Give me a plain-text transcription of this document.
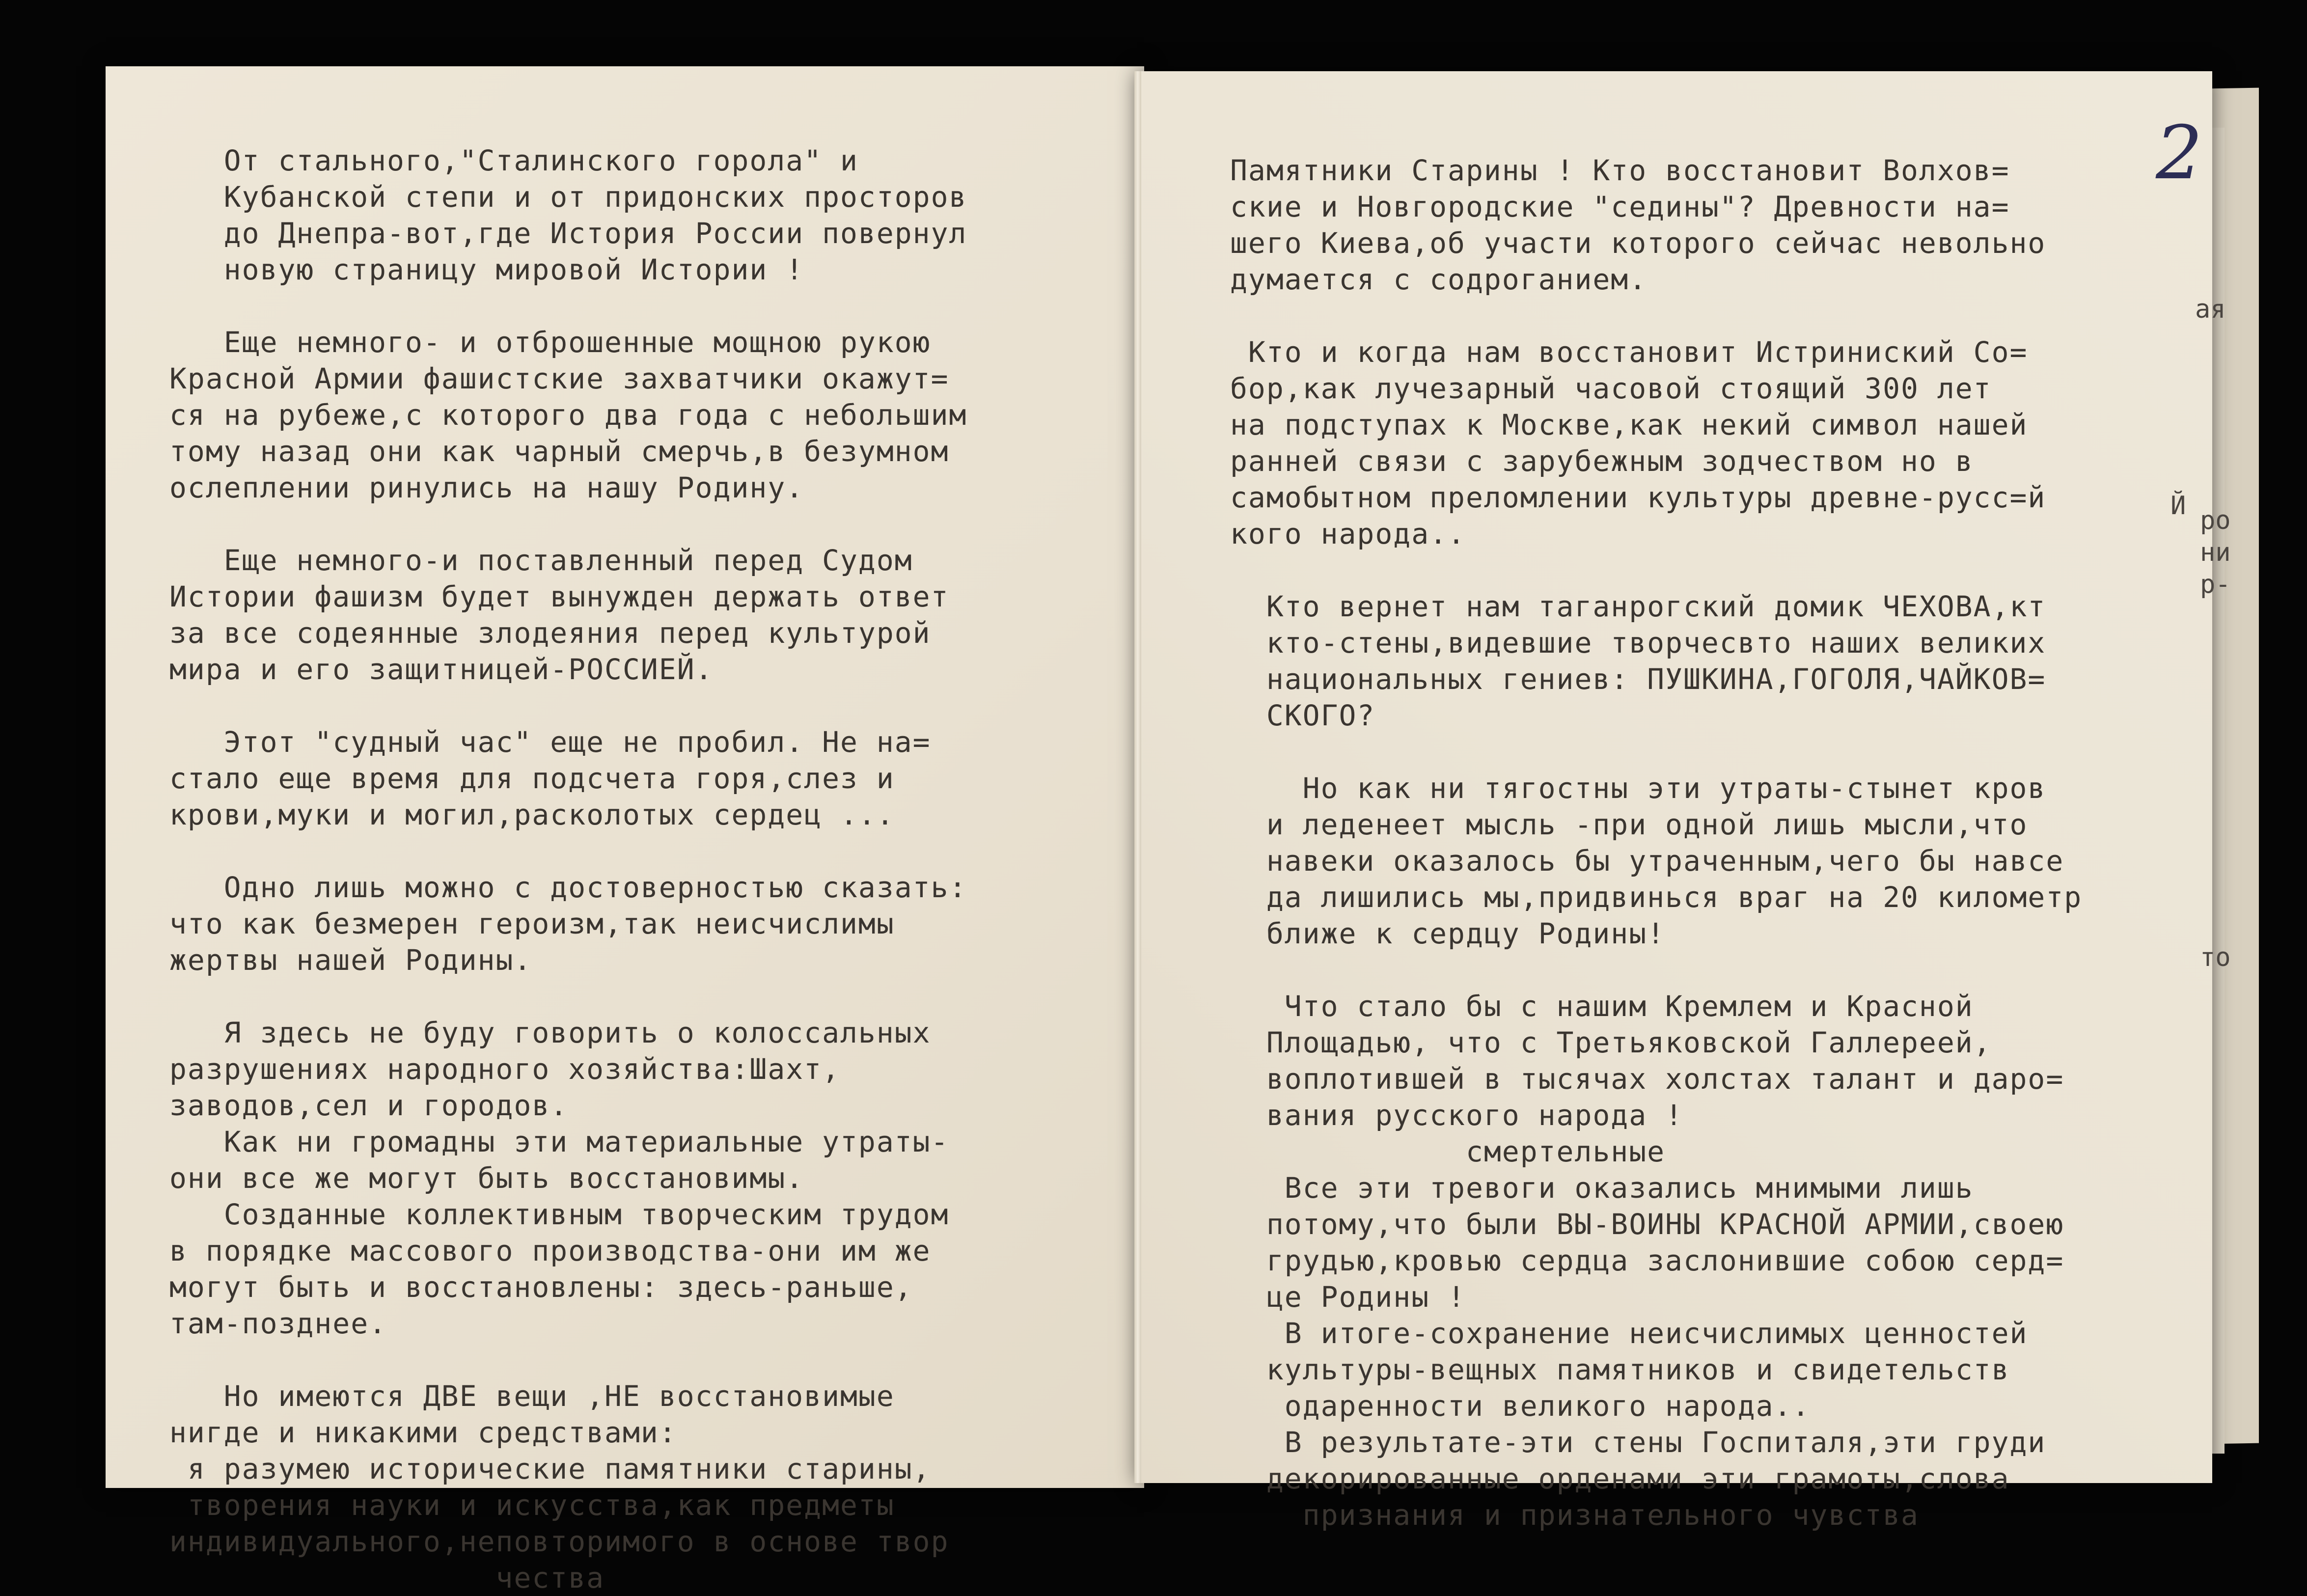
От стального,"Сталинского горола" и
Кубанской степи и от придонских просторов
до Днепра-вот,где История России повернул
новую страницу мировой Истории !
Еще немного- и отброшенные мощною рукою
Красной Армии фашистские захватчики окажут=
ся на рубеже,с которого два года с небольшим
тому назад они как чарный смерчь,в безумном
ослеплении ринулись на нашу Родину.
Еще немного-и поставленный перед Судом
Истории фашизм будет вынужден держать ответ
за все содеянные злодеяния перед культурой
мира и его защитницей-РОССИЕЙ.
Этот "судный час" еще не пробил. Не на=
стало еще время для подсчета горя,слез и
крови,муки и могил,расколотых сердец ...
Одно лишь можно с достоверностью сказать:
что как безмерен героизм,так неисчислимы
жертвы нашей Родины.
Я здесь не буду говорить о колоссальных
разрушениях народного хозяйства:Шахт,
заводов,сел и городов.
Как ни громадны эти материальные утраты-
они все же могут быть восстановимы.
Созданные коллективным творческим трудом
в порядке массового производства-они им же
могут быть и восстановлены: здесь-раньше,
там-позднее.
Но имеются ДВЕ вещи ,НЕ восстановимые
нигде и никакими средствами:
я разумею исторические памятники старины,
творения науки и искусства,как предметы
индивидуального,неповторимого в основе твор
чества
Памятники Старины ! Кто восстановит Волхов=
ские и Новгородские "седины"? Древности на=
шего Киева,об участи которого сейчас невольно
думается с содроганием.
Кто и когда нам восстановит Истриниский Со=
бор,как лучезарный часовой стоящий 300 лет
на подступах к Москве,как некий символ нашей
ранней связи с зарубежным зодчеством но в
самобытном преломлении культуры древне-русс=й
кого народа..
Кто вернет нам таганрогский домик ЧЕХОВА,кт
кто-стены,видевшие творчесвто наших великих
национальных гениев: ПУШКИНА,ГОГОЛЯ,ЧАЙКОВ=
СКОГО?
Но как ни тягостны эти утраты-стынет кров
и леденеет мысль -при одной лишь мысли,что
навеки оказалось бы утраченным,чего бы навсе
да лишились мы,придвинься враг на 20 километр
ближе к сердцу Родины!
Что стало бы с нашим Кремлем и Красной
Площадью, что с Третьяковской Галлереей,
воплотившей в тысячах холстах талант и даро=
вания русского народа !
смертельные
Все эти тревоги оказались мнимыми лишь
потому,что были ВЫ-ВОИНЫ КРАСНОЙ АРМИИ,своею
грудью,кровью сердца заслонившие собою серд=
це Родины !
В итоге-сохранение неисчислимых ценностей
культуры-вещных памятников и свидетельств
одаренности великого народа..
В результате-эти стены Госпиталя,эти груди
декорированные орденами эти грамоты,слова
признания и признательного чувства
2
ая
Й ро
ни
р-
то
